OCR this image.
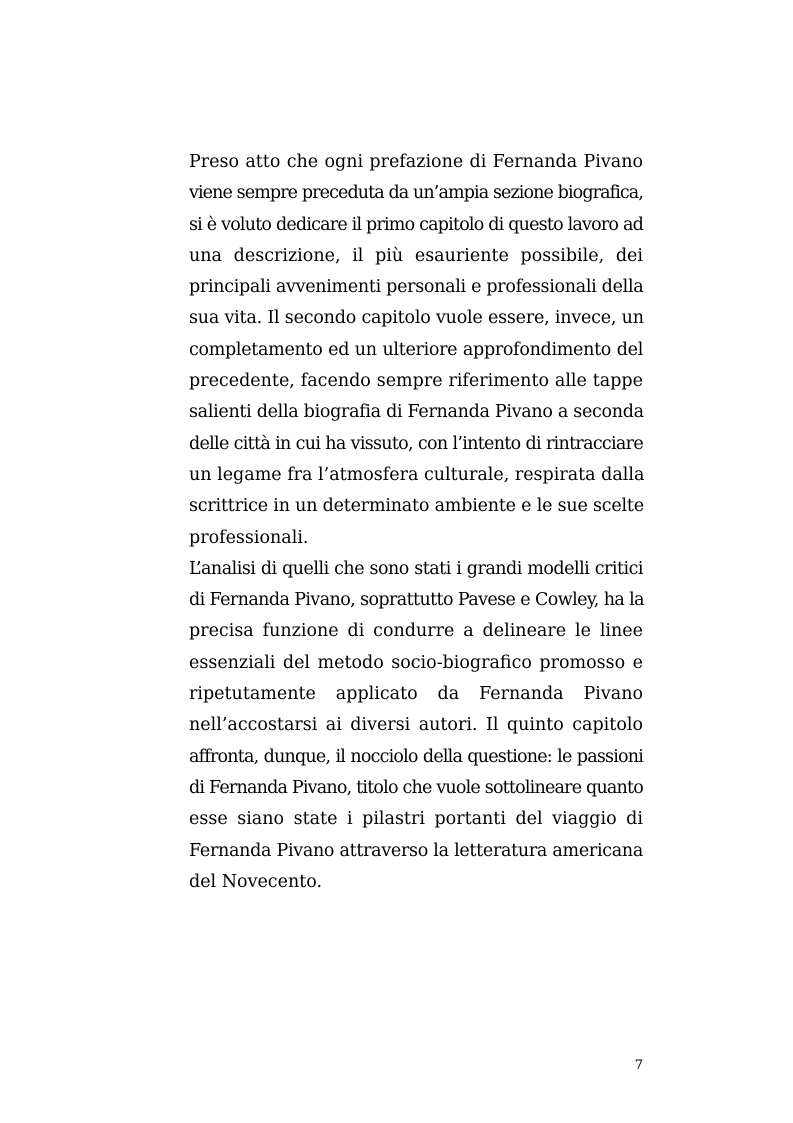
Preso atto che ogni prefazione di Fernanda Pivano
viene sempre preceduta da un’ampia sezione biografica,
si è voluto dedicare il primo capitolo di questo lavoro ad
una descrizione, il più esauriente possibile, dei
principali avvenimenti personali e professionali della
sua vita. Il secondo capitolo vuole essere, invece, un
completamento ed un ulteriore approfondimento del
precedente, facendo sempre riferimento alle tappe
salienti della biografia di Fernanda Pivano a seconda
delle città in cui ha vissuto, con l’intento di rintracciare
un legame fra l’atmosfera culturale, respirata dalla
scrittrice in un determinato ambiente e le sue scelte
professionali.
L’analisi di quelli che sono stati i grandi modelli critici
di Fernanda Pivano, soprattutto Pavese e Cowley, ha la
precisa funzione di condurre a delineare le linee
essenziali del metodo socio-biografico promosso e
ripetutamente applicato da Fernanda Pivano
nell’accostarsi ai diversi autori. Il quinto capitolo
affronta, dunque, il nocciolo della questione: le passioni
di Fernanda Pivano, titolo che vuole sottolineare quanto
esse siano state i pilastri portanti del viaggio di
Fernanda Pivano attraverso la letteratura americana
del Novecento.
7
